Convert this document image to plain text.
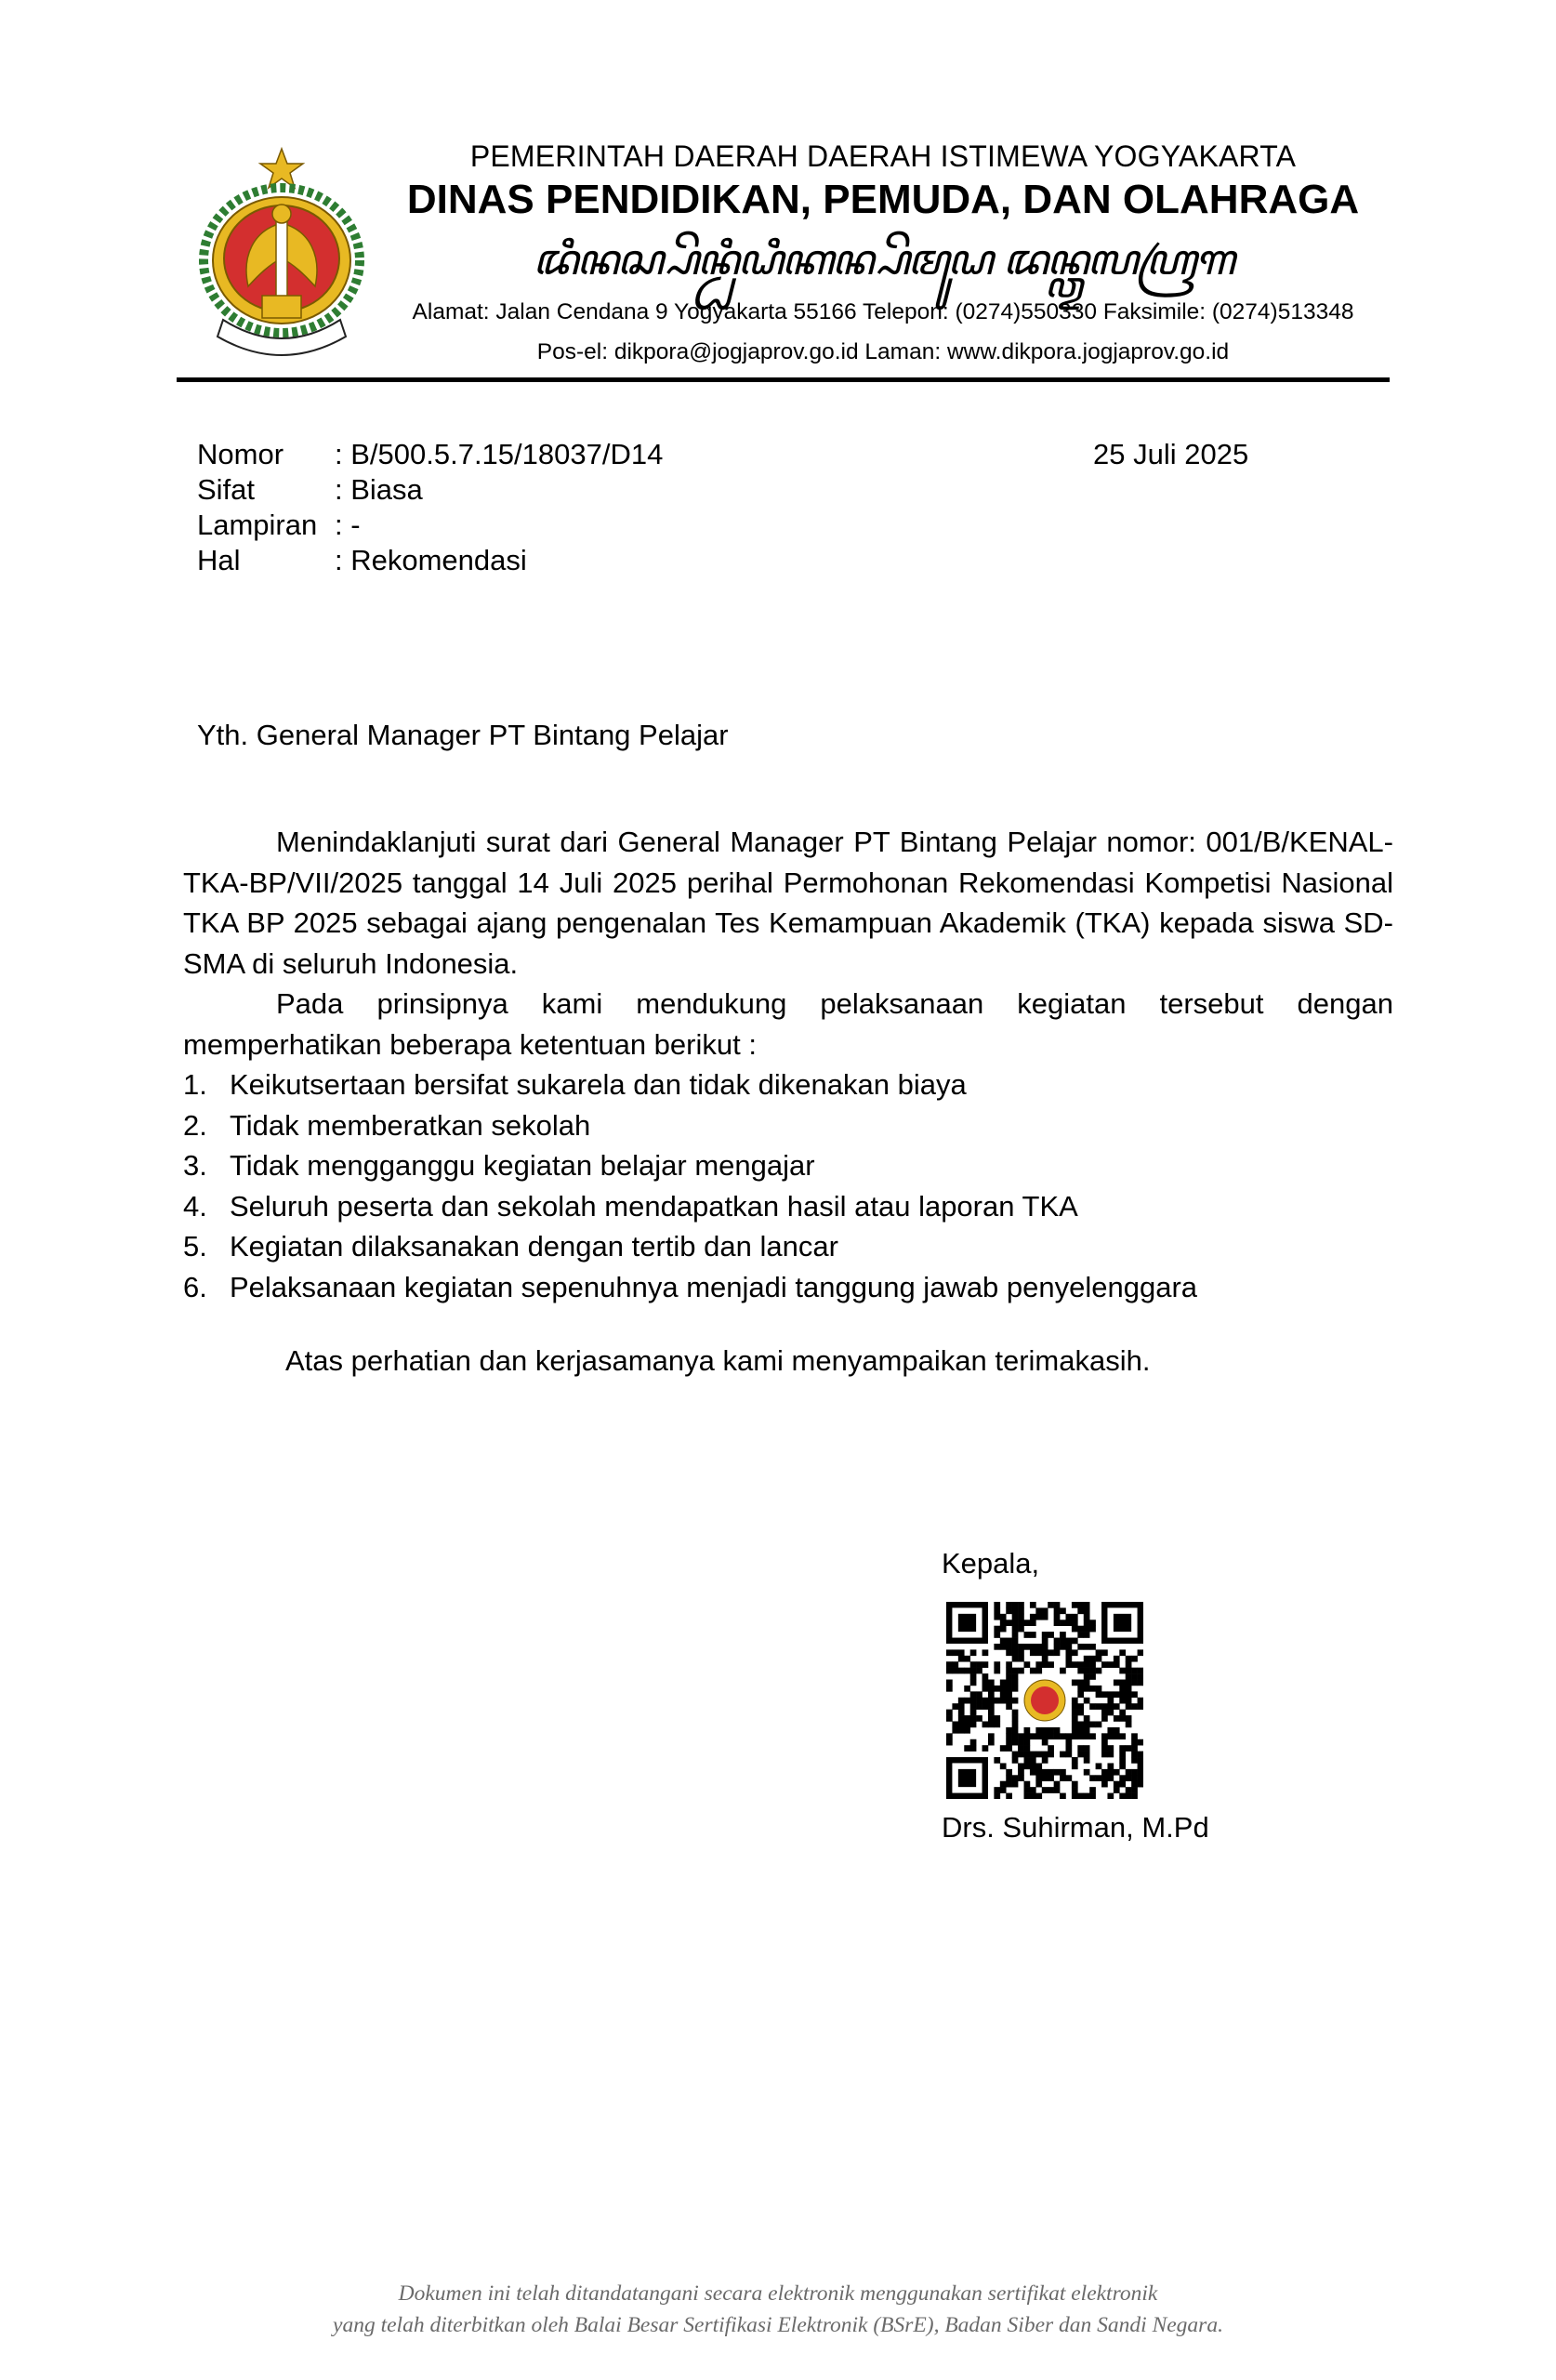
PEMERINTAH DAERAH DAERAH ISTIMEWA YOGYAKARTA
DINAS PENDIDIKAN, PEMUDA, DAN OLAHRAGA
ꦢꦶꦤꦱ꧀ꦥꦼꦤ꧀ꦝꦶꦝꦶꦏꦤ꧀ꦥꦼꦩꦸꦝ ꦢꦤ꧀ꦎꦭꦲꦿꦒ
Alamat: Jalan Cendana 9 Yogyakarta 55166 Telepon: (0274)550330 Faksimile: (0274)513348
Pos-el: dikpora@jogjaprov.go.id Laman: www.dikpora.jogjaprov.go.id
Nomor	: B/500.5.7.15/18037/D14
Sifat	: Biasa
Lampiran	: -
Hal	: Rekomendasi
25 Juli 2025
Yth. General Manager PT Bintang Pelajar

Menindaklanjuti surat dari General Manager PT Bintang Pelajar nomor: 001/B/KENAL-TKA-BP/VII/2025 tanggal 14 Juli 2025 perihal Permohonan Rekomendasi Kompetisi Nasional TKA BP 2025 sebagai ajang pengenalan Tes Kemampuan Akademik (TKA) kepada siswa SD-SMA di seluruh Indonesia.

Pada prinsipnya kami mendukung pelaksanaan kegiatan tersebut dengan memperhatikan beberapa ketentuan berikut :

1. Keikutsertaan bersifat sukarela dan tidak dikenakan biaya
2. Tidak memberatkan sekolah
3. Tidak mengganggu kegiatan belajar mengajar
4. Seluruh peserta dan sekolah mendapatkan hasil atau laporan TKA
5. Kegiatan dilaksanakan dengan tertib dan lancar
6. Pelaksanaan kegiatan sepenuhnya menjadi tanggung jawab penyelenggara
Atas perhatian dan kerjasamanya kami menyampaikan terimakasih.
Kepala,
Drs. Suhirman, M.Pd
Dokumen ini telah ditandatangani secara elektronik menggunakan sertifikat elektronik
yang telah diterbitkan oleh Balai Besar Sertifikasi Elektronik (BSrE), Badan Siber dan Sandi Negara.
